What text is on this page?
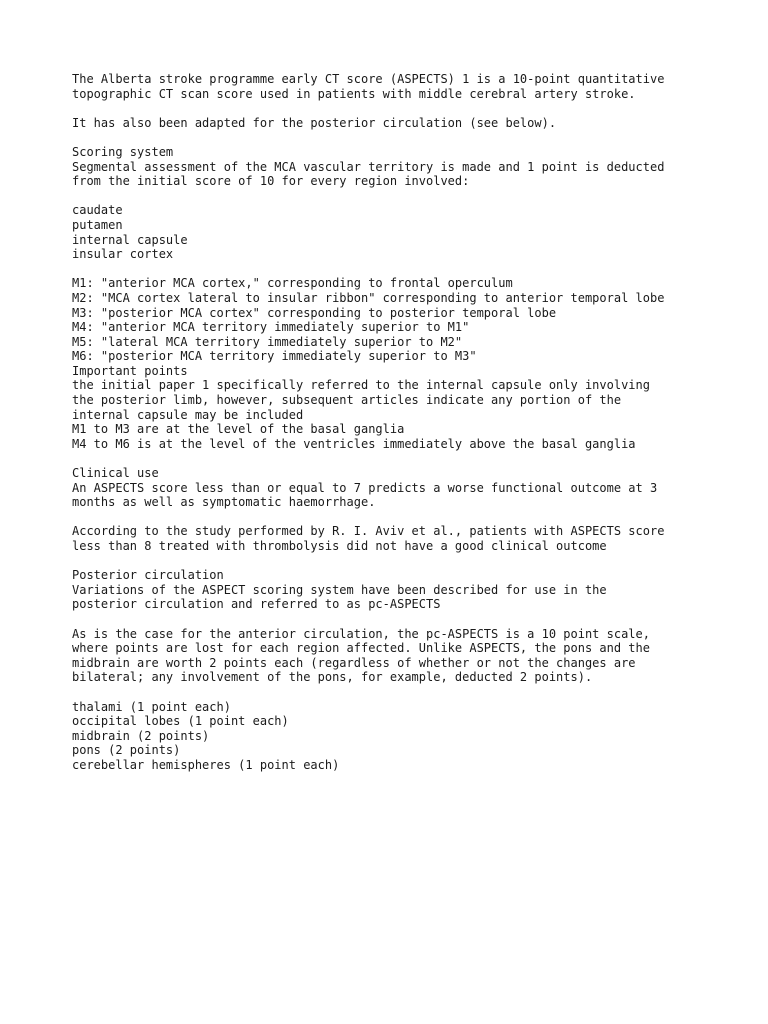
The Alberta stroke programme early CT score (ASPECTS) 1 is a 10-point quantitative
topographic CT scan score used in patients with middle cerebral artery stroke.
It has also been adapted for the posterior circulation (see below).
Scoring system
Segmental assessment of the MCA vascular territory is made and 1 point is deducted
from the initial score of 10 for every region involved:
caudate
putamen
internal capsule
insular cortex
M1: "anterior MCA cortex," corresponding to frontal operculum
M2: "MCA cortex lateral to insular ribbon" corresponding to anterior temporal lobe
M3: "posterior MCA cortex" corresponding to posterior temporal lobe
M4: "anterior MCA territory immediately superior to M1"
M5: "lateral MCA territory immediately superior to M2"
M6: "posterior MCA territory immediately superior to M3"
Important points
the initial paper 1 specifically referred to the internal capsule only involving
the posterior limb, however, subsequent articles indicate any portion of the
internal capsule may be included
M1 to M3 are at the level of the basal ganglia
M4 to M6 is at the level of the ventricles immediately above the basal ganglia
Clinical use
An ASPECTS score less than or equal to 7 predicts a worse functional outcome at 3
months as well as symptomatic haemorrhage.
According to the study performed by R. I. Aviv et al., patients with ASPECTS score
less than 8 treated with thrombolysis did not have a good clinical outcome
Posterior circulation
Variations of the ASPECT scoring system have been described for use in the
posterior circulation and referred to as pc-ASPECTS
As is the case for the anterior circulation, the pc-ASPECTS is a 10 point scale,
where points are lost for each region affected. Unlike ASPECTS, the pons and the
midbrain are worth 2 points each (regardless of whether or not the changes are
bilateral; any involvement of the pons, for example, deducted 2 points).
thalami (1 point each)
occipital lobes (1 point each)
midbrain (2 points)
pons (2 points)
cerebellar hemispheres (1 point each)
